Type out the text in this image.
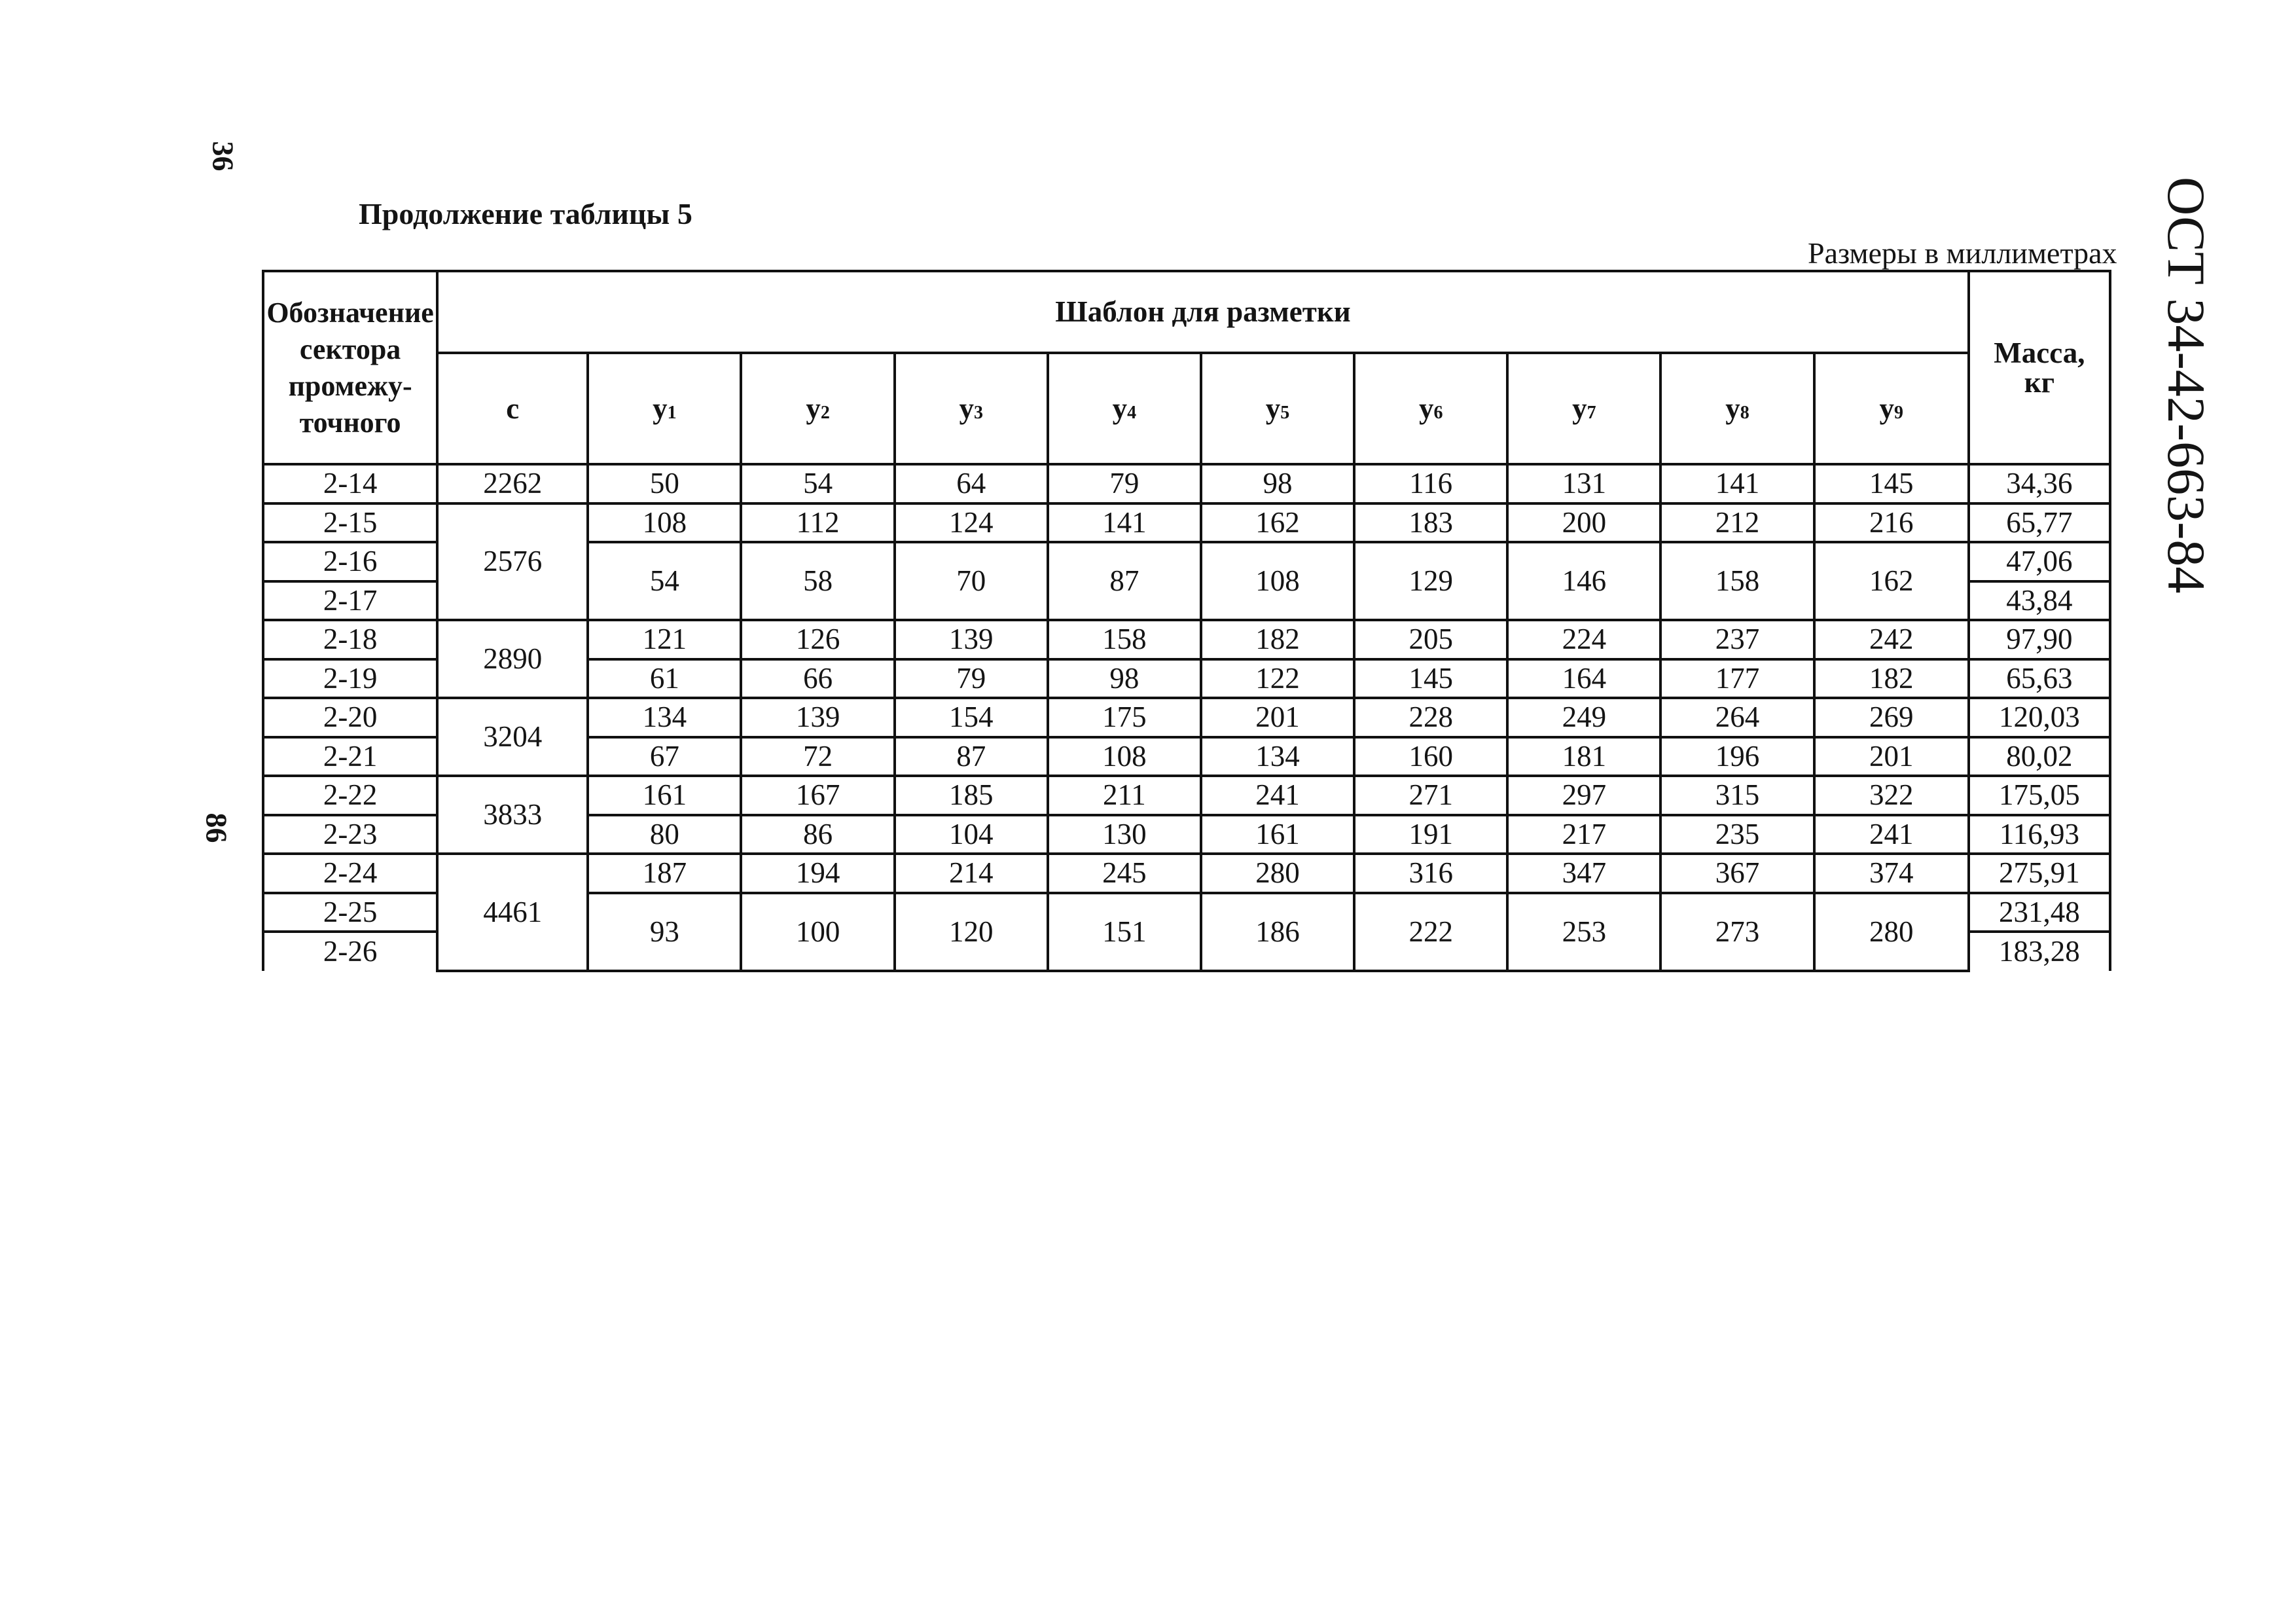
36
86
ОСТ 34-42-663-84
Продолжение таблицы 5
Размеры в миллиметрах
Обозначение сектора промежу-точного	Шаблон для разметки										Масса, кг
	с	у1	у2	у3	у4	у5	у6	у7	у8	у9	
2-14	2262	50	54	64	79	98	116	131	141	145	34,36
2-15	2576	108	112	124	141	162	183	200	212	216	65,77
2-16		54	58	70	87	108	129	146	158	162	47,06
2-17											43,84
2-18	2890	121	126	139	158	182	205	224	237	242	97,90
2-19		61	66	79	98	122	145	164	177	182	65,63
2-20	3204	134	139	154	175	201	228	249	264	269	120,03
2-21		67	72	87	108	134	160	181	196	201	80,02
2-22	3833	161	167	185	211	241	271	297	315	322	175,05
2-23		80	86	104	130	161	191	217	235	241	116,93
2-24	4461	187	194	214	245	280	316	347	367	374	275,91
2-25		93	100	120	151	186	222	253	273	280	231,48
2-26											183,28
